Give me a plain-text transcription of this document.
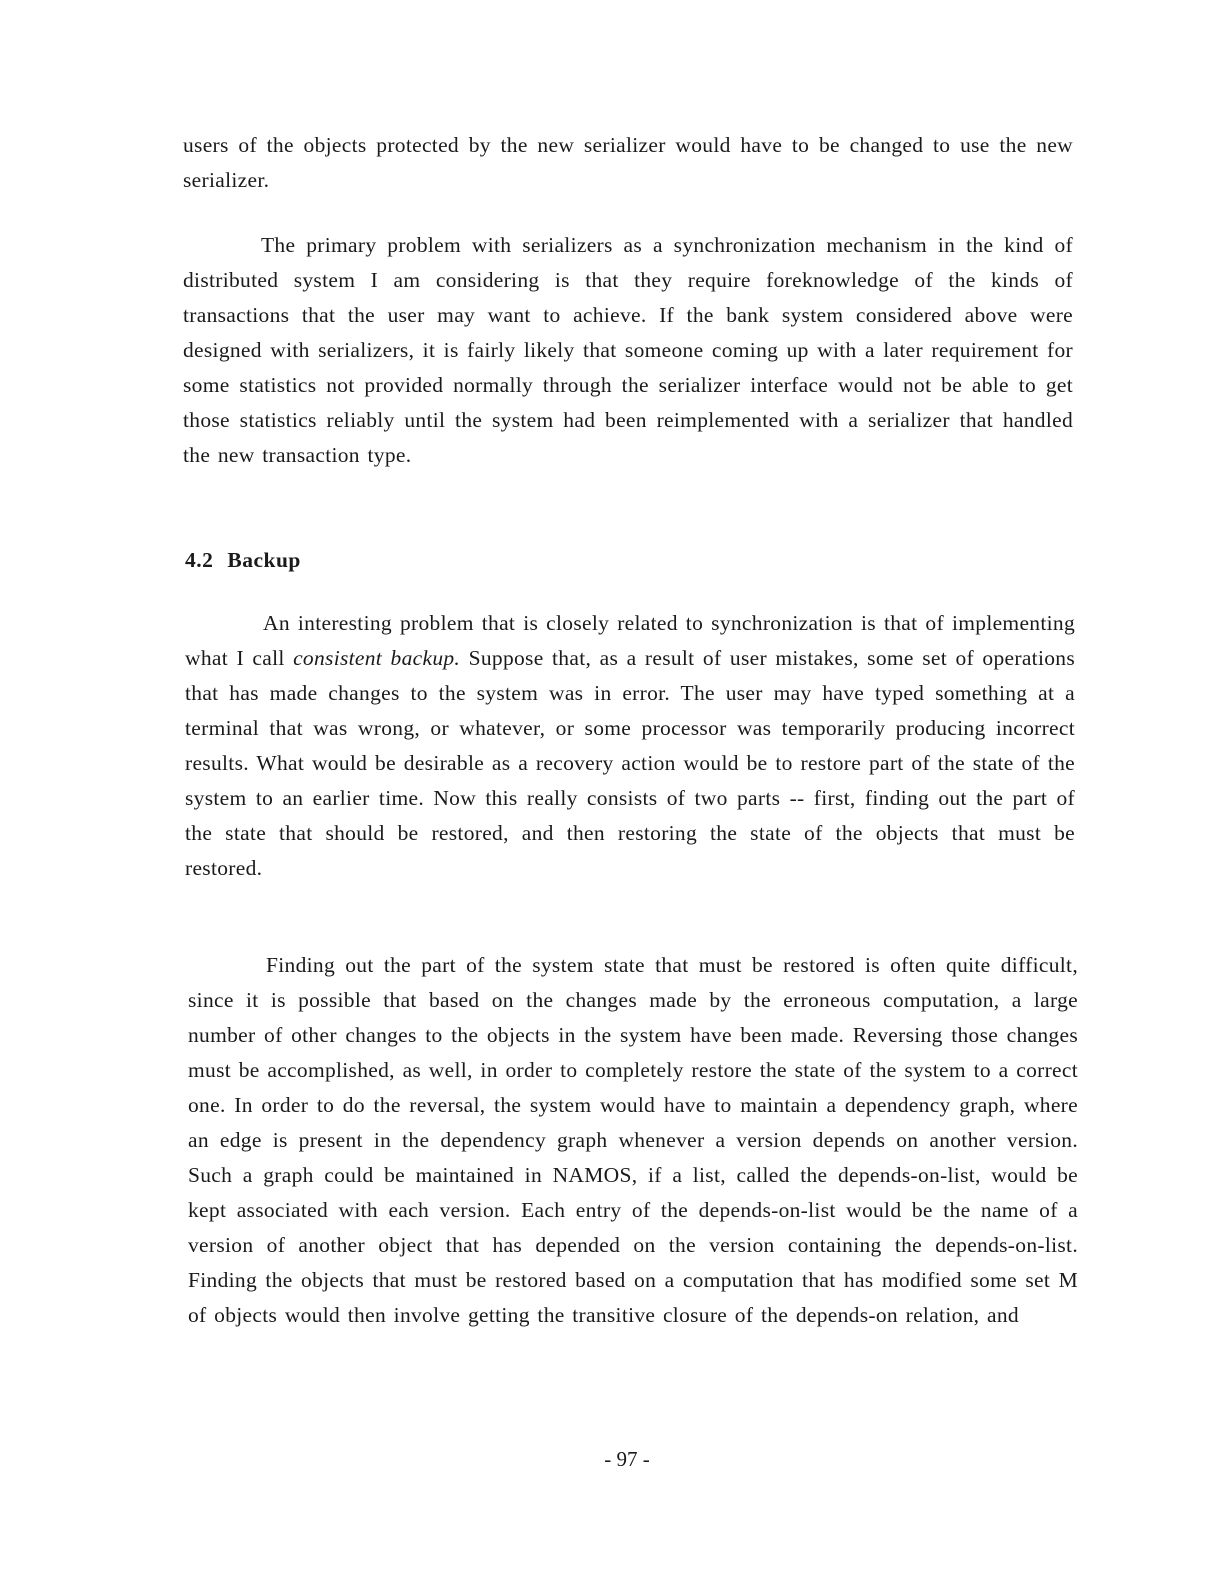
users of the objects protected by the new serializer would have to be changed to use the new serializer.

The primary problem with serializers as a synchronization mechanism in the kind of distributed system I am considering is that they require foreknowledge of the kinds of transactions that the user may want to achieve. If the bank system considered above were designed with serializers, it is fairly likely that someone coming up with a later requirement for some statistics not provided normally through the serializer interface would not be able to get those statistics reliably until the system had been reimplemented with a serializer that handled the new transaction type.

4.2 Backup

An interesting problem that is closely related to synchronization is that of implementing what I call consistent backup. Suppose that, as a result of user mistakes, some set of operations that has made changes to the system was in error. The user may have typed something at a terminal that was wrong, or whatever, or some processor was temporarily producing incorrect results. What would be desirable as a recovery action would be to restore part of the state of the system to an earlier time. Now this really consists of two parts -- first, finding out the part of the state that should be restored, and then restoring the state of the objects that must be restored.

Finding out the part of the system state that must be restored is often quite difficult, since it is possible that based on the changes made by the erroneous computation, a large number of other changes to the objects in the system have been made. Reversing those changes must be accomplished, as well, in order to completely restore the state of the system to a correct one. In order to do the reversal, the system would have to maintain a dependency graph, where an edge is present in the dependency graph whenever a version depends on another version. Such a graph could be maintained in NAMOS, if a list, called the depends-on-list, would be kept associated with each version. Each entry of the depends-on-list would be the name of a version of another object that has depended on the version containing the depends-on-list. Finding the objects that must be restored based on a computation that has modified some set M of objects would then involve getting the transitive closure of the depends-on relation, and

- 97 -
